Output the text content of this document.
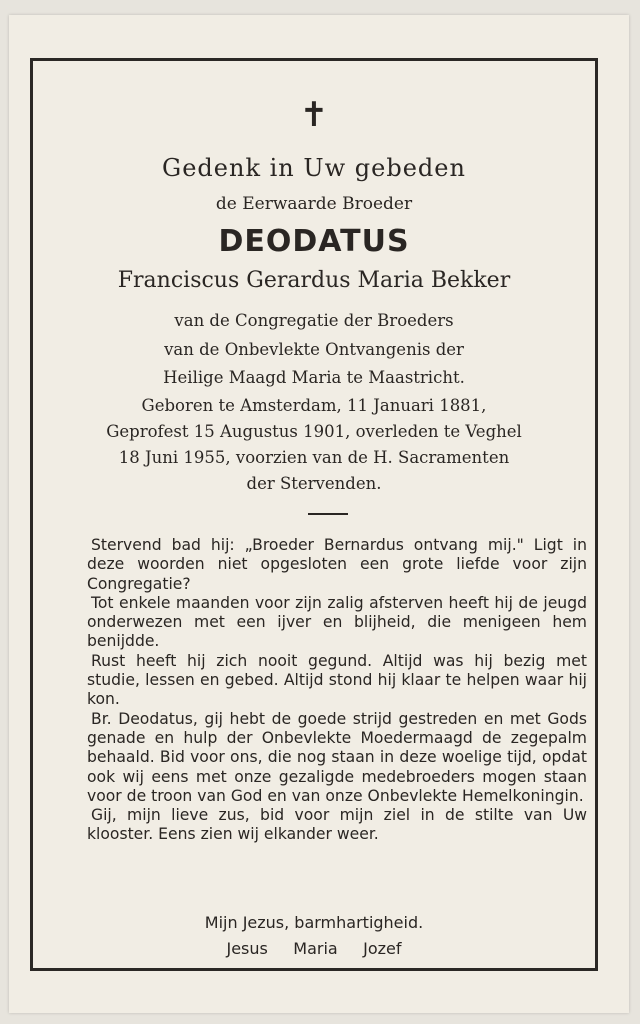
✝
Gedenk in Uw gebeden
de Eerwaarde Broeder
DEODATUS
Franciscus Gerardus Maria Bekker
van de Congregatie der Broeders
van de Onbevlekte Ontvangenis der
Heilige Maagd Maria te Maastricht.
Geboren te Amsterdam, 11 Januari 1881,
Geprofest 15 Augustus 1901, overleden te Veghel
18 Juni 1955, voorzien van de H. Sacramenten
der Stervenden.

Stervend bad hij: „Broeder Bernardus ontvang mij." Ligt in deze woorden niet opgesloten een grote liefde voor zijn Congregatie?

Tot enkele maanden voor zijn zalig afsterven heeft hij de jeugd onderwezen met een ijver en blijheid, die menigeen hem benijdde.

Rust heeft hij zich nooit gegund. Altijd was hij bezig met studie, lessen en gebed. Altijd stond hij klaar te helpen waar hij kon.

Br. Deodatus, gij hebt de goede strijd gestreden en met Gods genade en hulp der Onbevlekte Moedermaagd de zegepalm behaald. Bid voor ons, die nog staan in deze woelige tijd, opdat ook wij eens met onze gezaligde medebroeders mogen staan voor de troon van God en van onze Onbevlekte Hemelkoningin.

Gij, mijn lieve zus, bid voor mijn ziel in de stilte van Uw klooster. Eens zien wij elkander weer.

Mijn Jezus, barmhartigheid.
Jesus     Maria     Jozef
